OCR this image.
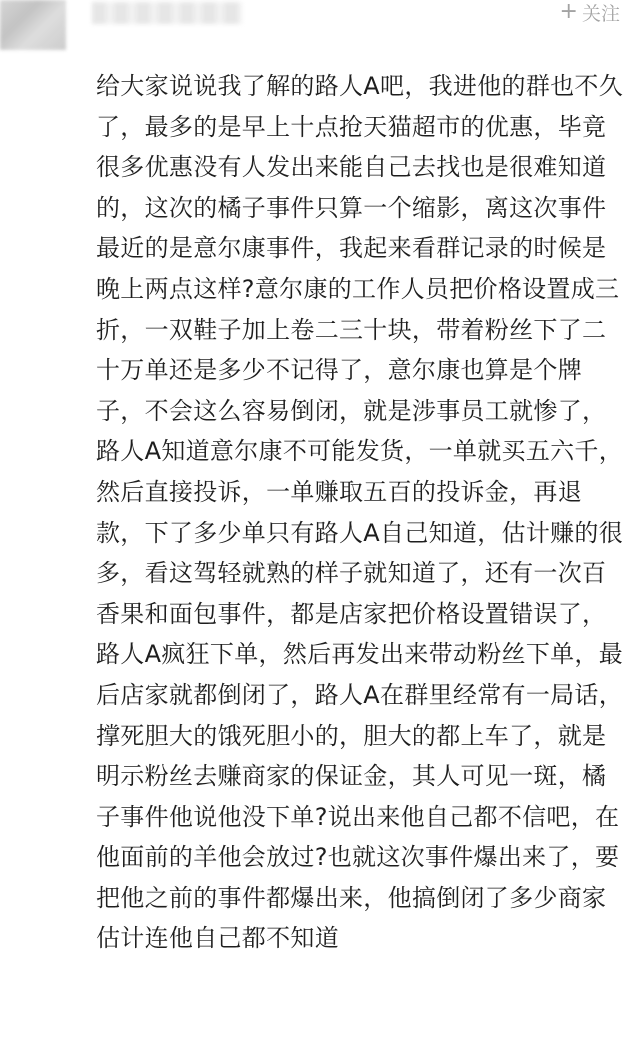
+ 关注
给大家说说我了解的路人A吧，我进他的群也不久
了，最多的是早上十点抢天猫超市的优惠，毕竟
很多优惠没有人发出来能自己去找也是很难知道
的，这次的橘子事件只算一个缩影，离这次事件
最近的是意尔康事件，我起来看群记录的时候是
晚上两点这样?意尔康的工作人员把价格设置成三
折，一双鞋子加上卷二三十块，带着粉丝下了二
十万单还是多少不记得了，意尔康也算是个牌
子，不会这么容易倒闭，就是涉事员工就惨了，
路人A知道意尔康不可能发货，一单就买五六千，
然后直接投诉，一单赚取五百的投诉金，再退
款，下了多少单只有路人A自己知道，估计赚的很
多，看这驾轻就熟的样子就知道了，还有一次百
香果和面包事件，都是店家把价格设置错误了，
路人A疯狂下单，然后再发出来带动粉丝下单，最
后店家就都倒闭了，路人A在群里经常有一局话，
撑死胆大的饿死胆小的，胆大的都上车了，就是
明示粉丝去赚商家的保证金，其人可见一斑，橘
子事件他说他没下单?说出来他自己都不信吧，在
他面前的羊他会放过?也就这次事件爆出来了，要
把他之前的事件都爆出来，他搞倒闭了多少商家
估计连他自己都不知道
